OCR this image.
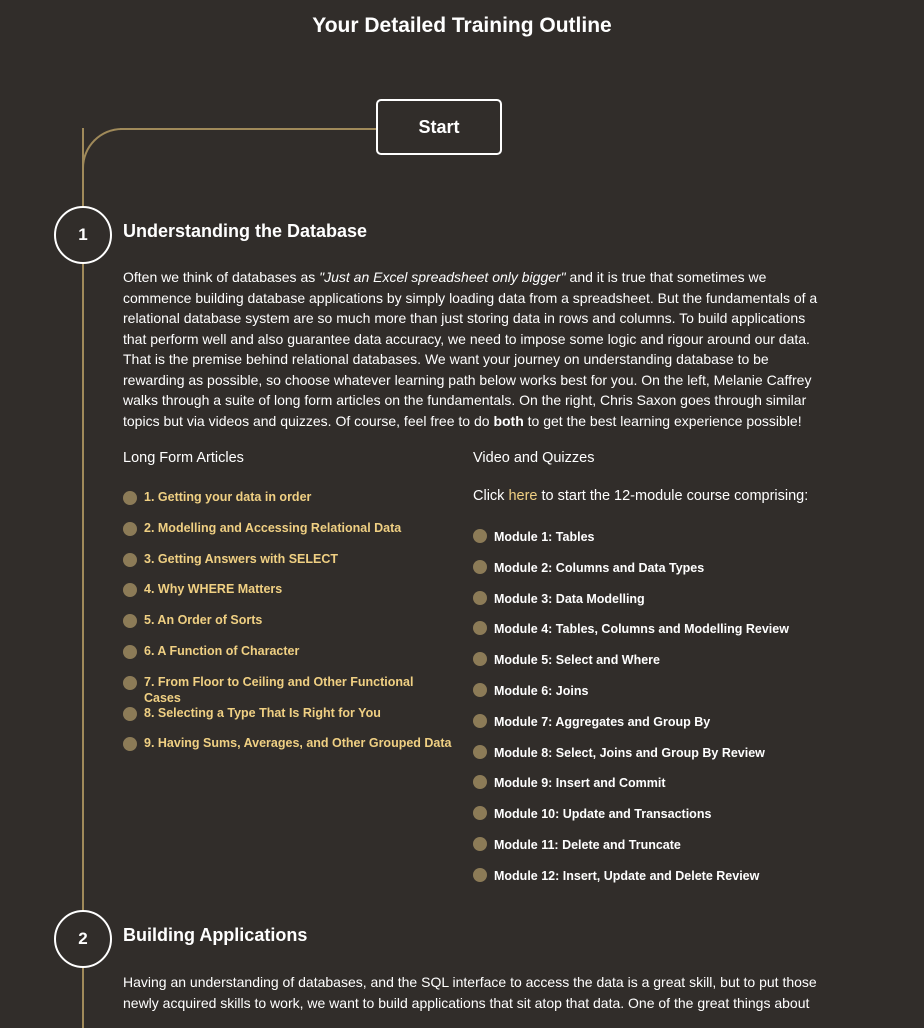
Your Detailed Training Outline
Start
1	Understanding the Database

Often we think of databases as "Just an Excel spreadsheet only bigger" and it is true that sometimes we commence building database applications by simply loading data from a spreadsheet. But the fundamentals of a relational database system are so much more than just storing data in rows and columns. To build applications that perform well and also guarantee data accuracy, we need to impose some logic and rigour around our data. That is the premise behind relational databases. We want your journey on understanding database to be rewarding as possible, so choose whatever learning path below works best for you. On the left, Melanie Caffrey walks through a suite of long form articles on the fundamentals. On the right, Chris Saxon goes through similar topics but via videos and quizzes. Of course, feel free to do both to get the best learning experience possible!

Long Form Articles
1. Getting your data in order
2. Modelling and Accessing Relational Data
3. Getting Answers with SELECT
4. Why WHERE Matters
5. An Order of Sorts
6. A Function of Character
7. From Floor to Ceiling and Other Functional Cases
8. Selecting a Type That Is Right for You
9. Having Sums, Averages, and Other Grouped Data
Video and Quizzes

Click here to start the 12-module course comprising:

Module 1: Tables
Module 2: Columns and Data Types
Module 3: Data Modelling
Module 4: Tables, Columns and Modelling Review
Module 5: Select and Where
Module 6: Joins
Module 7: Aggregates and Group By
Module 8: Select, Joins and Group By Review
Module 9: Insert and Commit
Module 10: Update and Transactions
Module 11: Delete and Truncate
Module 12: Insert, Update and Delete Review
2	Building Applications

Having an understanding of databases, and the SQL interface to access the data is a great skill, but to put those newly acquired skills to work, we want to build applications that sit atop that data. One of the great things about
